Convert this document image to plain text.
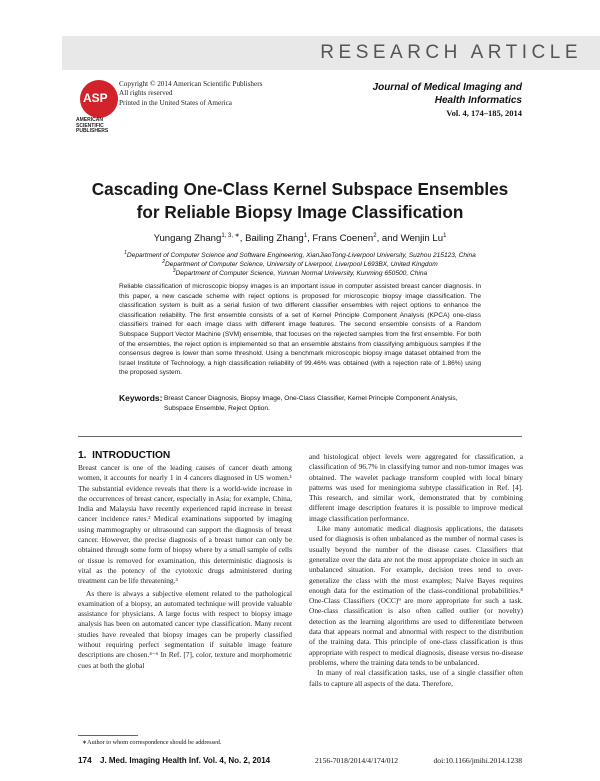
RESEARCH ARTICLE
ASP
AMERICAN
SCIENTIFIC
PUBLISHERS
Copyright © 2014 American Scientific Publishers
All rights reserved
Printed in the United States of America
Journal of Medical Imaging and
Health Informatics
Vol. 4, 174–185, 2014
Cascading One-Class Kernel Subspace Ensembles
for Reliable Biopsy Image Classification
Yungang Zhang$^{1, 3, ∗}$, Bailing Zhang$^1$, Frans Coenen$^2$, and Wenjin Lu$^1$
$^1$Department of Computer Science and Software Engineering, XianJiaoTong-Liverpool University, Suzhou 215123, China
$^2$Department of Computer Science, University of Liverpool, Liverpool L693BX, United Kingdom
$^3$Department of Computer Science, Yunnan Normal University, Kunming 650500, China
Reliable classification of microscopic biopsy images is an important issue in computer assisted breast cancer diagnosis. In this paper, a new cascade scheme with reject options is proposed for microscopic biopsy image classification. The classification system is built as a serial fusion of two different classifier ensembles with reject options to enhance the classification reliability. The first ensemble consists of a set of Kernel Principle Component Analysis (KPCA) one-class classifiers trained for each image class with different image features. The second ensemble consists of a Random Subspace Support Vector Machine (SVM) ensemble, that focuses on the rejected samples from the first ensemble. For both of the ensembles, the reject option is implemented so that an ensemble abstains from classifying ambiguous samples if the consensus degree is lower than some threshold. Using a benchmark microscopic biopsy image dataset obtained from the Israel Institute of Technology, a high classification reliability of 99.46% was obtained (with a rejection rate of 1.86%) using the proposed system.
Keywords: Breast Cancer Diagnosis, Biopsy Image, One-Class Classifier, Kernel Principle Component Analysis, Subspace Ensemble, Reject Option.
1. INTRODUCTION

Breast cancer is one of the leading causes of cancer death among women, it accounts for nearly 1 in 4 cancers diagnosed in US women.¹ The substantial evidence reveals that there is a world-wide increase in the occurrences of breast cancer, especially in Asia; for example, China, India and Malaysia have recently experienced rapid increase in breast cancer incidence rates.² Medical examinations supported by imaging using mammography or ultrasound can support the diagnosis of breast cancer. However, the precise diagnosis of a breast tumor can only be obtained through some form of biopsy where by a small sample of cells or tissue is removed for examination, this deterministic diagnosis is vital as the potency of the cytotoxic drugs administered during treatment can be life threatening.³

As there is always a subjective element related to the pathological examination of a biopsy, an automated technique will provide valuable assistance for physicians. A large focus with respect to biopsy image analysis has been on automated cancer type classification. Many recent studies have revealed that biopsy images can be properly classified without requiring perfect segmentation if suitable image feature descriptions are chosen.⁴⁻⁶ In Ref. [7], color, texture and morphometric cues at both the global

and histological object levels were aggregated for classification, a classification of 96.7% in classifying tumor and non-tumor images was obtained. The wavelet package transform coupled with local binary patterns was used for meningioma subtype classification in Ref. [4]. This research, and similar work, demonstrated that by combining different image description features it is possible to improve medical image classification performance.

Like many automatic medical diagnosis applications, the datasets used for diagnosis is often unbalanced as the number of normal cases is usually beyond the number of the disease cases. Classifiers that generalize over the data are not the most appropriate choice in such an unbalanced situation. For example, decision trees tend to over-generalize the class with the most examples; Naive Bayes requires enough data for the estimation of the class-conditional probabilities.⁸ One-Class Classifiers (OCC)⁹ are more appropriate for such a task. One-class classification is also often called outlier (or novelty) detection as the learning algorithms are used to differentiate between data that appears normal and abnormal with respect to the distribution of the training data. This principle of one-class classification is thus appropriate with respect to medical diagnosis, disease versus no-disease problems, where the training data tends to be unbalanced.

In many of real classification tasks, use of a single classifier often fails to capture all aspects of the data. Therefore,

∗Author to whom correspondence should be addressed.
174 J. Med. Imaging Health Inf. Vol. 4, No. 2, 2014	2156-7018/2014/4/174/012	doi:10.1166/jmihi.2014.1238
